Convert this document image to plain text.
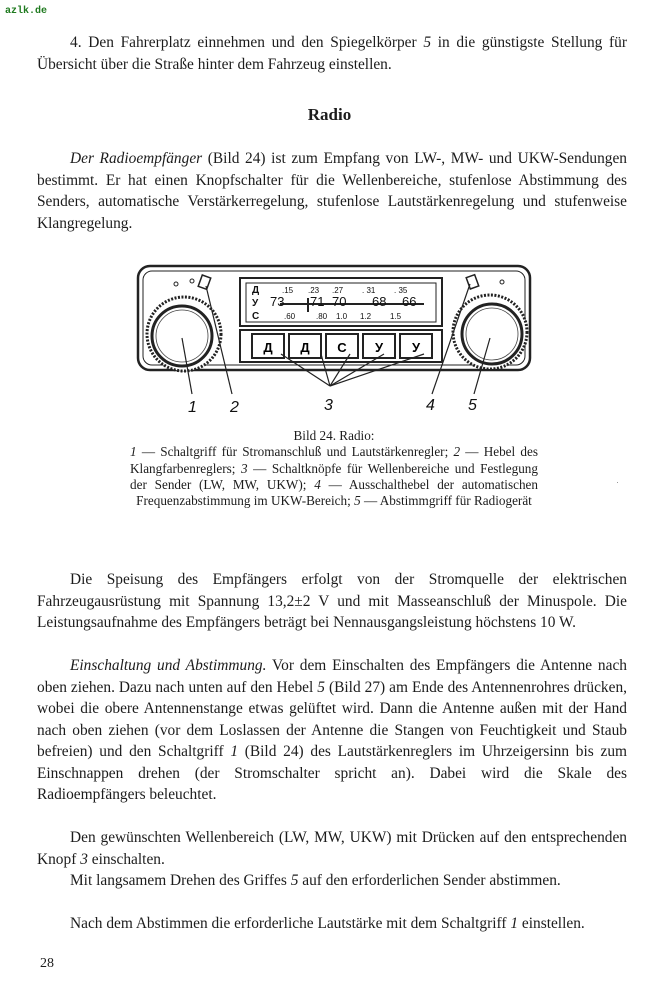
azlk.de
4. Den Fahrerplatz einnehmen und den Spiegelkörper 5 in die günstigste Stellung für Übersicht über die Straße hinter dem Fahrzeug einstellen.
Radio
Der Radioempfänger (Bild 24) ist zum Empfang von LW-, MW- und UKW-Sendungen bestimmt. Er hat einen Knopfschalter für die Wellenbereiche, stufenlose Abstimmung des Senders, automatische Verstärkerregelung, stufenlose Lautstärkenregelung und stufenweise Klangregelung.
Д
У
С
.15 .23 .27 . 31 . 35
73 71 70 68 66
.60	.80 1.0 1.2 1.5
Д Д С У У
1 2	3	4 5
Bild 24. Radio:
1 — Schaltgriff für Stromanschluß und Lautstärkenregler; 2 — Hebel des Klangfarbenreglers; 3 — Schaltknöpfe für Wellenbereiche und Festlegung der Sender (LW, MW, UKW); 4 — Ausschalthebel der automatischen Frequenzabstimmung im UKW-Bereich; 5 — Abstimmgriff für Radiogerät
Die Speisung des Empfängers erfolgt von der Stromquelle der elektrischen Fahrzeugausrüstung mit Spannung 13,2±2 V und mit Masseanschluß der Minuspole. Die Leistungsaufnahme des Empfängers beträgt bei Nennausgangsleistung höchstens 10 W.
Einschaltung und Abstimmung. Vor dem Einschalten des Empfängers die Antenne nach oben ziehen. Dazu nach unten auf den Hebel 5 (Bild 27) am Ende des Antennenrohres drücken, wobei die obere Antennenstange etwas gelüftet wird. Dann die Antenne außen mit der Hand nach oben ziehen (vor dem Loslassen der Antenne die Stangen von Feuchtigkeit und Staub befreien) und den Schaltgriff 1 (Bild 24) des Lautstärkenreglers im Uhrzeigersinn bis zum Einschnappen drehen (der Stromschalter spricht an). Dabei wird die Skale des Radioempfängers beleuchtet.
Den gewünschten Wellenbereich (LW, MW, UKW) mit Drücken auf den entsprechenden Knopf 3 einschalten.
Mit langsamem Drehen des Griffes 5 auf den erforderlichen Sender abstimmen.
Nach dem Abstimmen die erforderliche Lautstärke mit dem Schaltgriff 1 einstellen.
28
